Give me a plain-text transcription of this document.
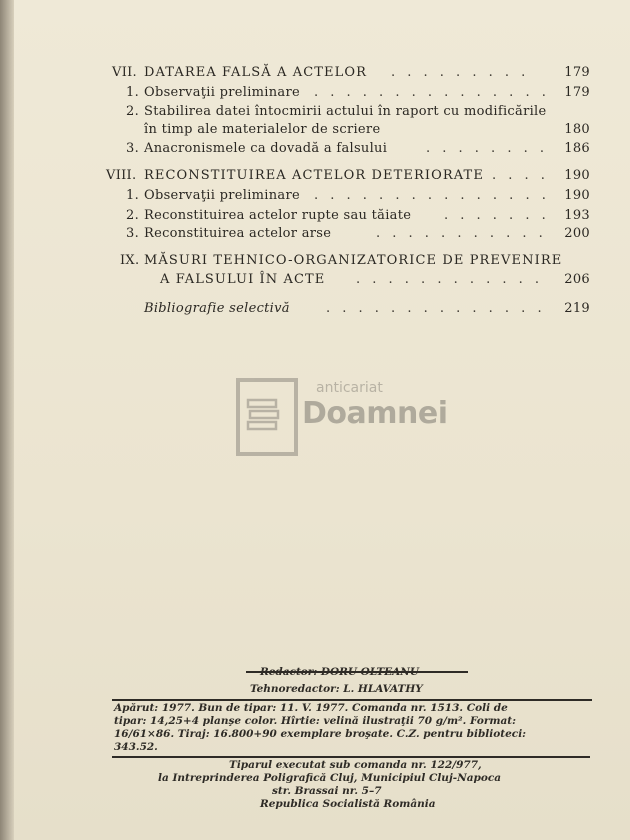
VII. DATAREA FALSĂ A ACTELOR . . . . . . . . .	179
1. Observaţii preliminare . . . . . . . . . . . . . . . 179
2. Stabilirea datei întocmirii actului în raport cu modificările
în timp ale materialelor de scriere	180
3. Anacronismele ca dovadă a falsului	. . . . . . . . 186
VIII. RECONSTITUIREA ACTELOR DETERIORATE . . . . 190
1. Observaţii preliminare . . . . . . . . . . . . . . . 190
2. Reconstituirea actelor rupte sau tăiate	. . . . . . . 193
3. Reconstituirea actelor arse	. . . . . . . . . . . 200
IX. MĂSURI TEHNICO-ORGANIZATORICE DE PREVENIRE
A FALSULUI ÎN ACTE . . . . . . . . . . . . 206
Bibliografie selectivă	. . . . . . . . . . . . . . 219
anticariat
Doamnei
Redactor: DORU OLTEANU
Tehnoredactor: L. HLAVATHY
Apărut: 1977. Bun de tipar: 11. V. 1977. Comanda nr. 1513. Coli de
tipar: 14,25+4 planşe color. Hîrtie: velină ilustraţii 70 g/m². Format:
16/61×86. Tiraj: 16.800+90 exemplare broşate. C.Z. pentru biblioteci:
343.52.
Tiparul executat sub comanda nr. 122/977,
la Intreprinderea Poligrafică Cluj, Municipiul Cluj-Napoca
str. Brassai nr. 5–7
Republica Socialistă România
